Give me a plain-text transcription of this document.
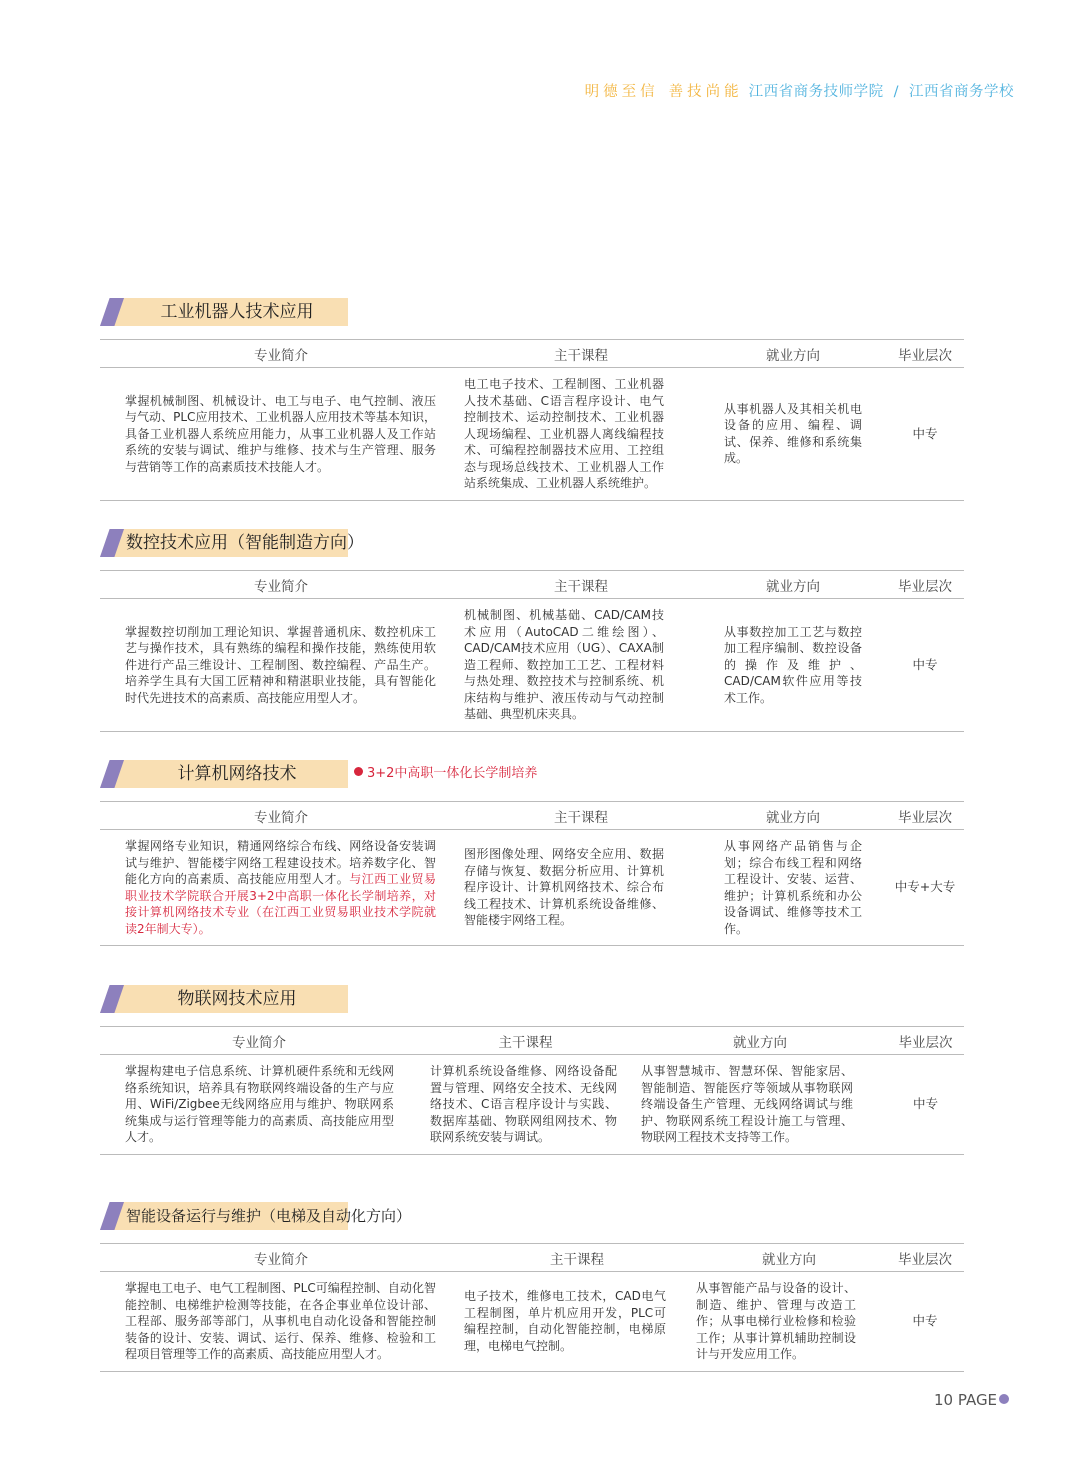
明德至信 善技尚能 江西省商务技师学院 / 江西省商务学校
工业机器人技术应用
专业简介	主干课程	就业方向	毕业层次
掌握机械制图、机械设计、电工与电子、电气控制、液压与气动、PLC应用技术、工业机器人应用技术等基本知识，具备工业机器人系统应用能力，从事工业机器人及工作站系统的安装与调试、维护与维修、技术与生产管理、服务与营销等工作的高素质技术技能人才。	电工电子技术、工程制图、工业机器人技术基础、C语言程序设计、电气控制技术、运动控制技术、工业机器人现场编程、工业机器人离线编程技术、可编程控制器技术应用、工控组态与现场总线技术、工业机器人工作站系统集成、工业机器人系统维护。	从事机器人及其相关机电设备的应用、编程、调试、保养、维修和系统集成。	中专
数控技术应用（智能制造方向）
专业简介	主干课程	就业方向	毕业层次
掌握数控切削加工理论知识、掌握普通机床、数控机床工艺与操作技术，具有熟练的编程和操作技能，熟练使用软件进行产品三维设计、工程制图、数控编程、产品生产。培养学生具有大国工匠精神和精湛职业技能，具有智能化时代先进技术的高素质、高技能应用型人才。	机械制图、机械基础、CAD/CAM技术应用（AutoCAD二维绘图）、CAD/CAM技术应用（UG）、CAXA制造工程师、数控加工工艺、工程材料与热处理、数控技术与控制系统、机床结构与维护、液压传动与气动控制基础、典型机床夹具。	从事数控加工工艺与数控加工程序编制、数控设备的操作及维护、CAD/CAM软件应用等技术工作。	中专
计算机网络技术	3+2中高职一体化长学制培养
专业简介	主干课程	就业方向	毕业层次
掌握网络专业知识，精通网络综合布线、网络设备安装调试与维护、智能楼宇网络工程建设技术。培养数字化、智能化方向的高素质、高技能应用型人才。与江西工业贸易职业技术学院联合开展3+2中高职一体化长学制培养，对接计算机网络技术专业（在江西工业贸易职业技术学院就读2年制大专）。	图形图像处理、网络安全应用、数据存储与恢复、数据分析应用、计算机程序设计、计算机网络技术、综合布线工程技术、计算机系统设备维修、智能楼宇网络工程。	从事网络产品销售与企划；综合布线工程和网络工程设计、安装、运营、维护；计算机系统和办公设备调试、维修等技术工作。	中专+大专
物联网技术应用
专业简介	主干课程	就业方向	毕业层次
掌握构建电子信息系统、计算机硬件系统和无线网络系统知识，培养具有物联网终端设备的生产与应用、WiFi/Zigbee无线网络应用与维护、物联网系统集成与运行管理等能力的高素质、高技能应用型人才。	计算机系统设备维修、网络设备配置与管理、网络安全技术、无线网络技术、C语言程序设计与实践、数据库基础、物联网组网技术、物联网系统安装与调试。	从事智慧城市、智慧环保、智能家居、智能制造、智能医疗等领域从事物联网终端设备生产管理、无线网络调试与维护、物联网系统工程设计施工与管理、物联网工程技术支持等工作。	中专
智能设备运行与维护（电梯及自动化方向）
专业简介	主干课程	就业方向	毕业层次
掌握电工电子、电气工程制图、PLC可编程控制、自动化智能控制、电梯维护检测等技能，在各企事业单位设计部、工程部、服务部等部门，从事机电自动化设备和智能控制装备的设计、安装、调试、运行、保养、维修、检验和工程项目管理等工作的高素质、高技能应用型人才。	电子技术，维修电工技术，CAD电气工程制图，单片机应用开发，PLC可编程控制，自动化智能控制，电梯原理，电梯电气控制。	从事智能产品与设备的设计、制造、维护、管理与改造工作；从事电梯行业检修和检验工作；从事计算机辅助控制设计与开发应用工作。	中专
10 PAGE
